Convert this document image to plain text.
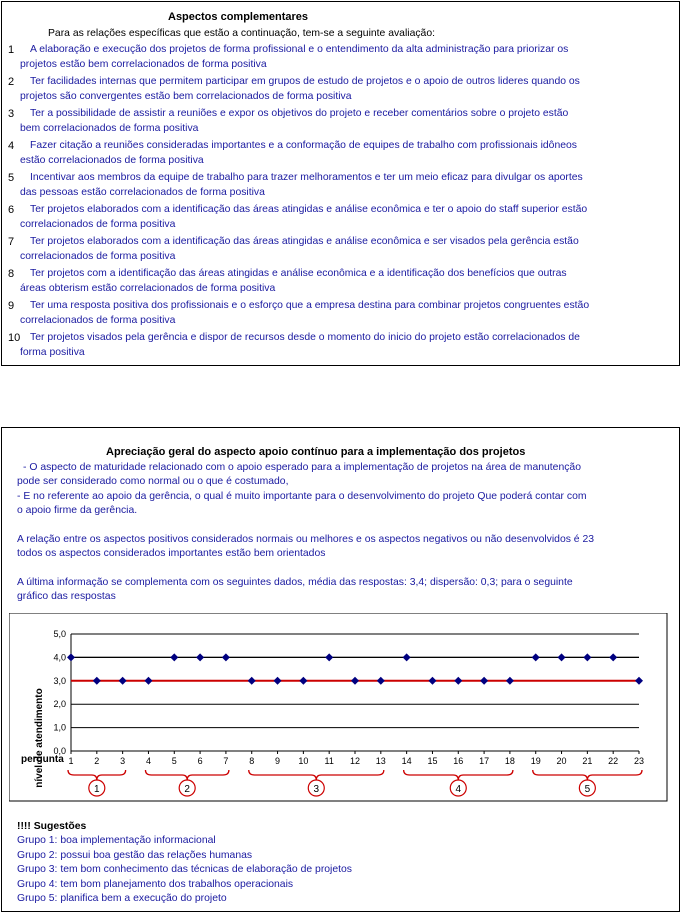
Aspectos complementares
Para as relações específicas que estão a continuação, tem-se a seguinte avaliação:
1 A elaboração e execução dos projetos de forma profissional e o entendimento da alta administração para priorizar os
projetos estão bem correlacionados de forma positiva
2 Ter facilidades internas que permitem participar em grupos de estudo de projetos e o apoio de outros lideres quando os
projetos são convergentes estão bem correlacionados de forma positiva
3 Ter a possibilidade de assistir a reuniões e expor os objetivos do projeto e receber comentários sobre o projeto estão
bem correlacionados de forma positiva
4 Fazer citação a reuniões consideradas importantes e a conformação de equipes de trabalho com profissionais idôneos
estão correlacionados de forma positiva
5 Incentivar aos membros da equipe de trabalho para trazer melhoramentos e ter um meio eficaz para divulgar os aportes
das pessoas estão correlacionados de forma positiva
6 Ter projetos elaborados com a identificação das áreas atingidas e análise econômica e ter o apoio do staff superior estão
correlacionados de forma positiva
7 Ter projetos elaborados com a identificação das áreas atingidas e análise econômica e ser visados pela gerência estão
correlacionados de forma positiva
8 Ter projetos com a identificação das áreas atingidas e análise econômica e a identificação dos benefícios que outras
áreas obterism estão correlacionados de forma positiva
9 Ter uma resposta positiva dos profissionais e o esforço que a empresa destina para combinar projetos congruentes estão
correlacionados de forma positiva
10 Ter projetos visados pela gerência e dispor de recursos desde o momento do inicio do projeto estão correlacionados de
forma positiva
Apreciação geral do aspecto apoio contínuo para a implementação dos projetos
- O aspecto de maturidade relacionado com o apoio esperado para a implementação de projetos na área de manutenção
pode ser considerado como normal ou o que é costumado,
- E no referente ao apoio da gerência, o qual é muito importante para o desenvolvimento do projeto Que poderá contar com
o apoio firme da gerência.
A relação entre os aspectos positivos considerados normais ou melhores e os aspectos negativos ou não desenvolvidos é 23
todos os aspectos considerados importantes estão bem orientados
A última informação se complementa com os seguintes dados, média das respostas: 3,4; dispersão: 0,3; para o seguinte
gráfico das respostas
0,0
1,0
2,0
3,0
4,0
5,0
1 2 3 4 5 6 7 8 9 10 11 12 13 14 15 16 17 18 19 20 21 22 23
1	2	3	4	5
nível de atendimento
pergunta
!!!! Sugestões
Grupo 1: boa implementação informacional
Grupo 2: possui boa gestão das relações humanas
Grupo 3: tem bom conhecimento das técnicas de elaboração de projetos
Grupo 4: tem bom planejamento dos trabalhos operacionais
Grupo 5: planifica bem a execução do projeto
